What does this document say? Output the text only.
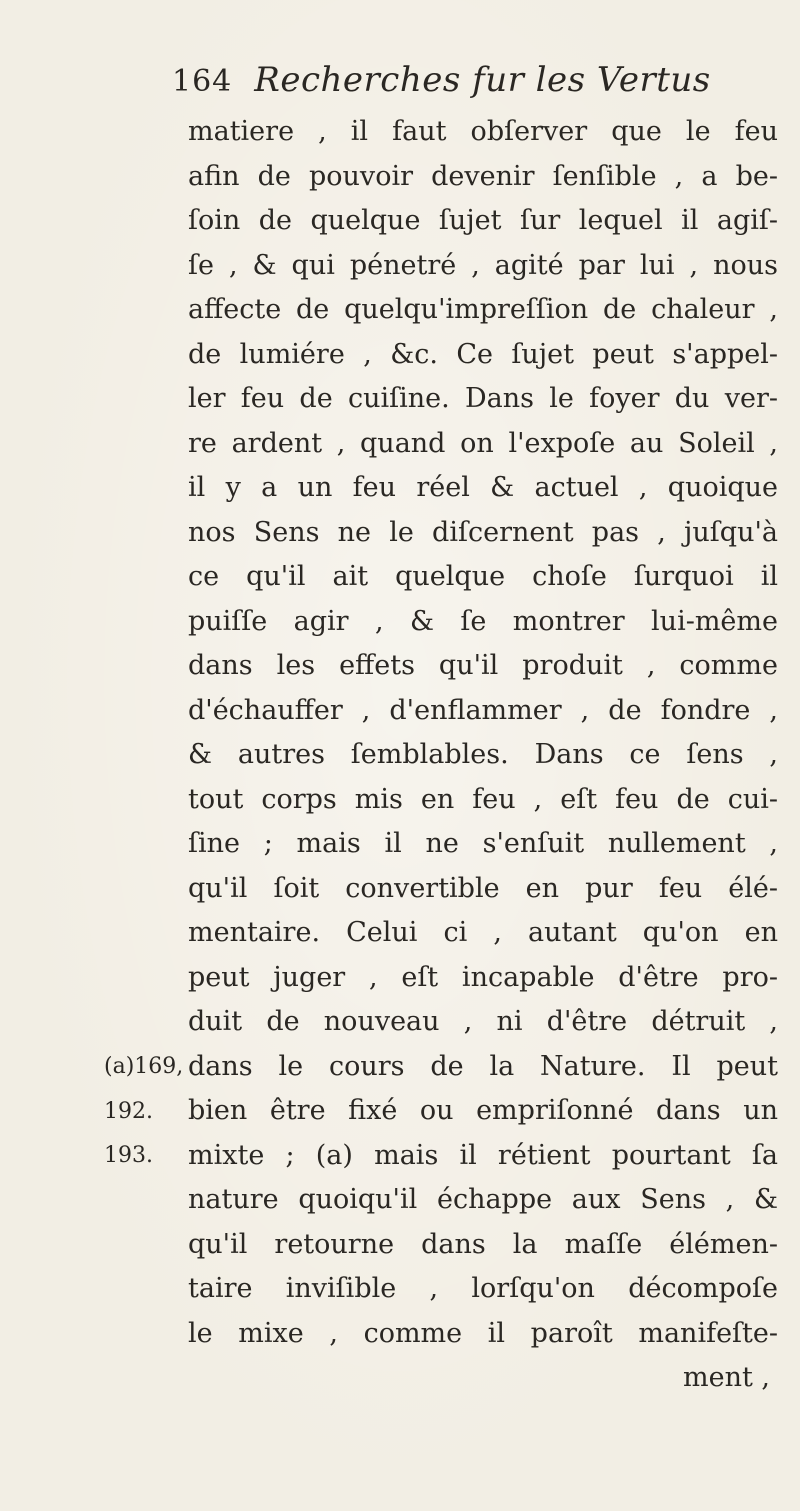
164 Recherches fur les Vertus
matiere , il faut obſerver que le feu
afin de pouvoir devenir ſenſible , a be-
ſoin de quelque ſujet ſur lequel il agiſ-
ſe , & qui pénetré , agité par lui , nous
affecte de quelqu'impreſſion de chaleur ,
de lumiére , &c. Ce ſujet peut s'appel-
ler feu de cuiſine. Dans le foyer du ver-
re ardent , quand on l'expoſe au Soleil ,
il y a un feu réel & actuel , quoique
nos Sens ne le diſcernent pas , juſqu'à
ce qu'il ait quelque choſe ſurquoi il
puiſſe agir , & ſe montrer lui-même
dans les effets qu'il produit , comme
d'échauffer , d'enflammer , de fondre ,
& autres ſemblables. Dans ce ſens ,
tout corps mis en feu , eſt feu de cui-
ſine ; mais il ne s'enſuit nullement ,
qu'il ſoit convertible en pur feu élé-
mentaire. Celui ci , autant qu'on en
peut juger , eſt incapable d'être pro-
duit de nouveau , ni d'être détruit ,
dans le cours de la Nature. Il peut
bien être fixé ou empriſonné dans un
mixte ; (a) mais il rétient pourtant ſa
nature quoiqu'il échappe aux Sens , &
qu'il retourne dans la maſſe élémen-
taire inviſible , lorſqu'on décompoſe
le mixe , comme il paroît manifeſte-
ment ,
(a)169,
192.
193.
